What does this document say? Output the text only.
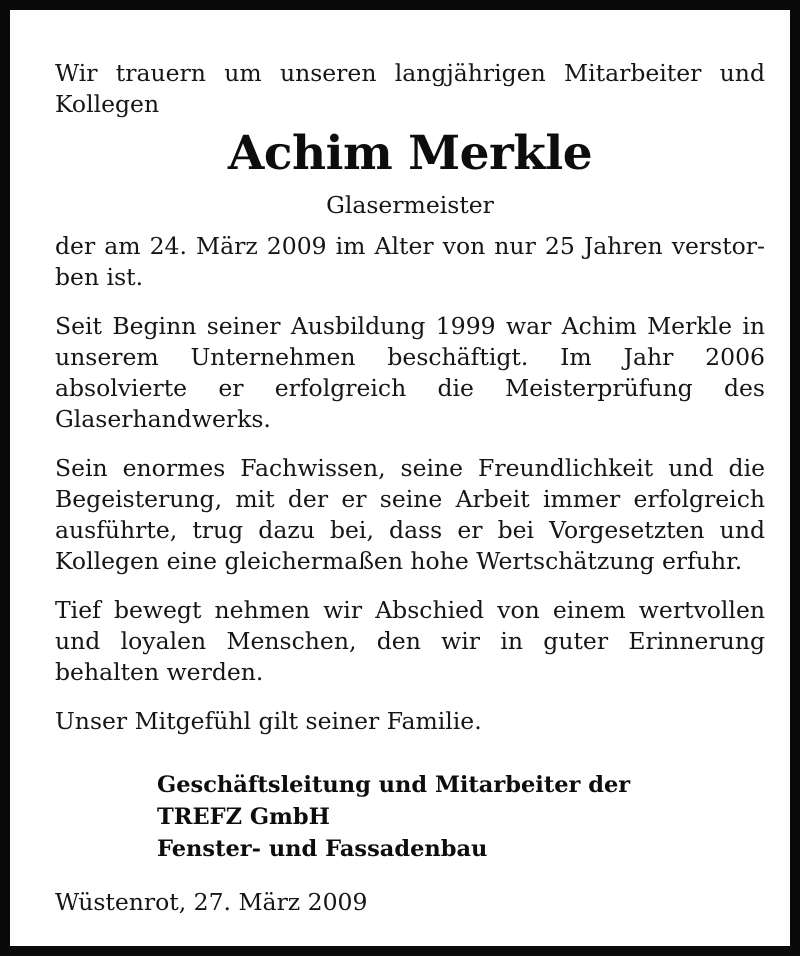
Wir trauern um unseren langjährigen Mitarbeiter und Kollegen

Achim Merkle

Glasermeister

der am 24. März 2009 im Alter von nur 25 Jahren verstorben ist.

Seit Beginn seiner Ausbildung 1999 war Achim Merkle in unserem Unternehmen beschäftigt. Im Jahr 2006 absolvierte er erfolgreich die Meisterprüfung des Glaserhandwerks.

Sein enormes Fachwissen, seine Freundlichkeit und die Begeisterung, mit der er seine Arbeit immer erfolgreich ausführte, trug dazu bei, dass er bei Vorgesetzten und Kollegen eine gleichermaßen hohe Wertschätzung erfuhr.

Tief bewegt nehmen wir Abschied von einem wertvollen und loyalen Menschen, den wir in guter Erinnerung behalten werden.

Unser Mitgefühl gilt seiner Familie.

Geschäftsleitung und Mitarbeiter der
TREFZ GmbH
Fenster- und Fassadenbau

Wüstenrot, 27. März 2009
